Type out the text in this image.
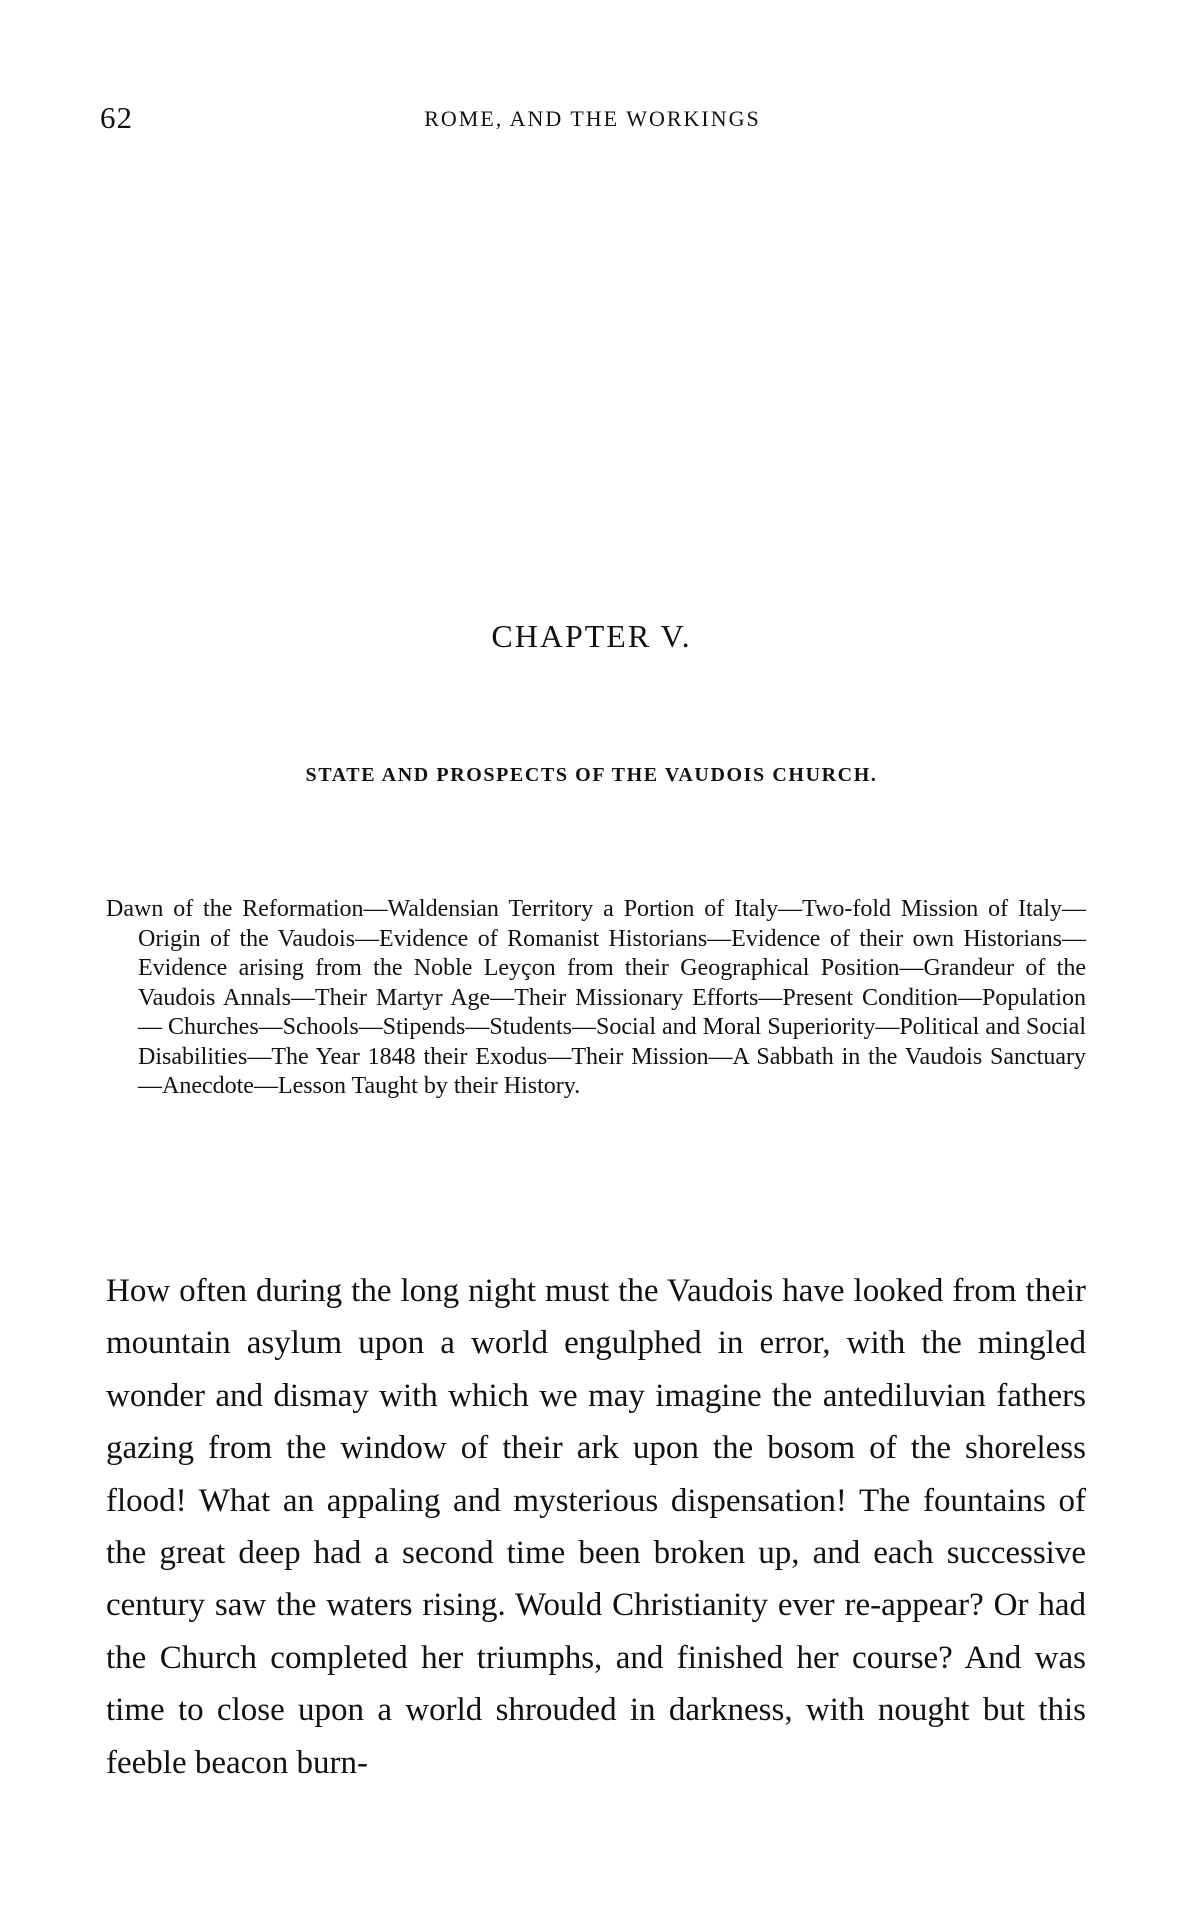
62	ROME, AND THE WORKINGS
CHAPTER V.
STATE AND PROSPECTS OF THE VAUDOIS CHURCH.

Dawn of the Reformation—Waldensian Territory a Portion of Italy—Two-fold Mission of Italy—Origin of the Vaudois—Evidence of Romanist Historians—Evidence of their own Historians—Evidence arising from the Noble Leyçon from their Geographical Position—Grandeur of the Vaudois Annals—Their Martyr Age—Their Missionary Efforts—Present Condition—Population — Churches—Schools—Stipends—Students—Social and Moral Superiority—Political and Social Disabilities—The Year 1848 their Exodus—Their Mission—A Sabbath in the Vaudois Sanctuary —Anecdote—Lesson Taught by their History.

How often during the long night must the Vaudois have looked from their mountain asylum upon a world engulphed in error, with the mingled wonder and dismay with which we may imagine the antediluvian fathers gazing from the window of their ark upon the bosom of the shoreless flood! What an appaling and mysterious dispensation! The fountains of the great deep had a second time been broken up, and each successive century saw the waters rising. Would Christianity ever re-appear? Or had the Church completed her triumphs, and finished her course? And was time to close upon a world shrouded in darkness, with nought but this feeble beacon burn-
